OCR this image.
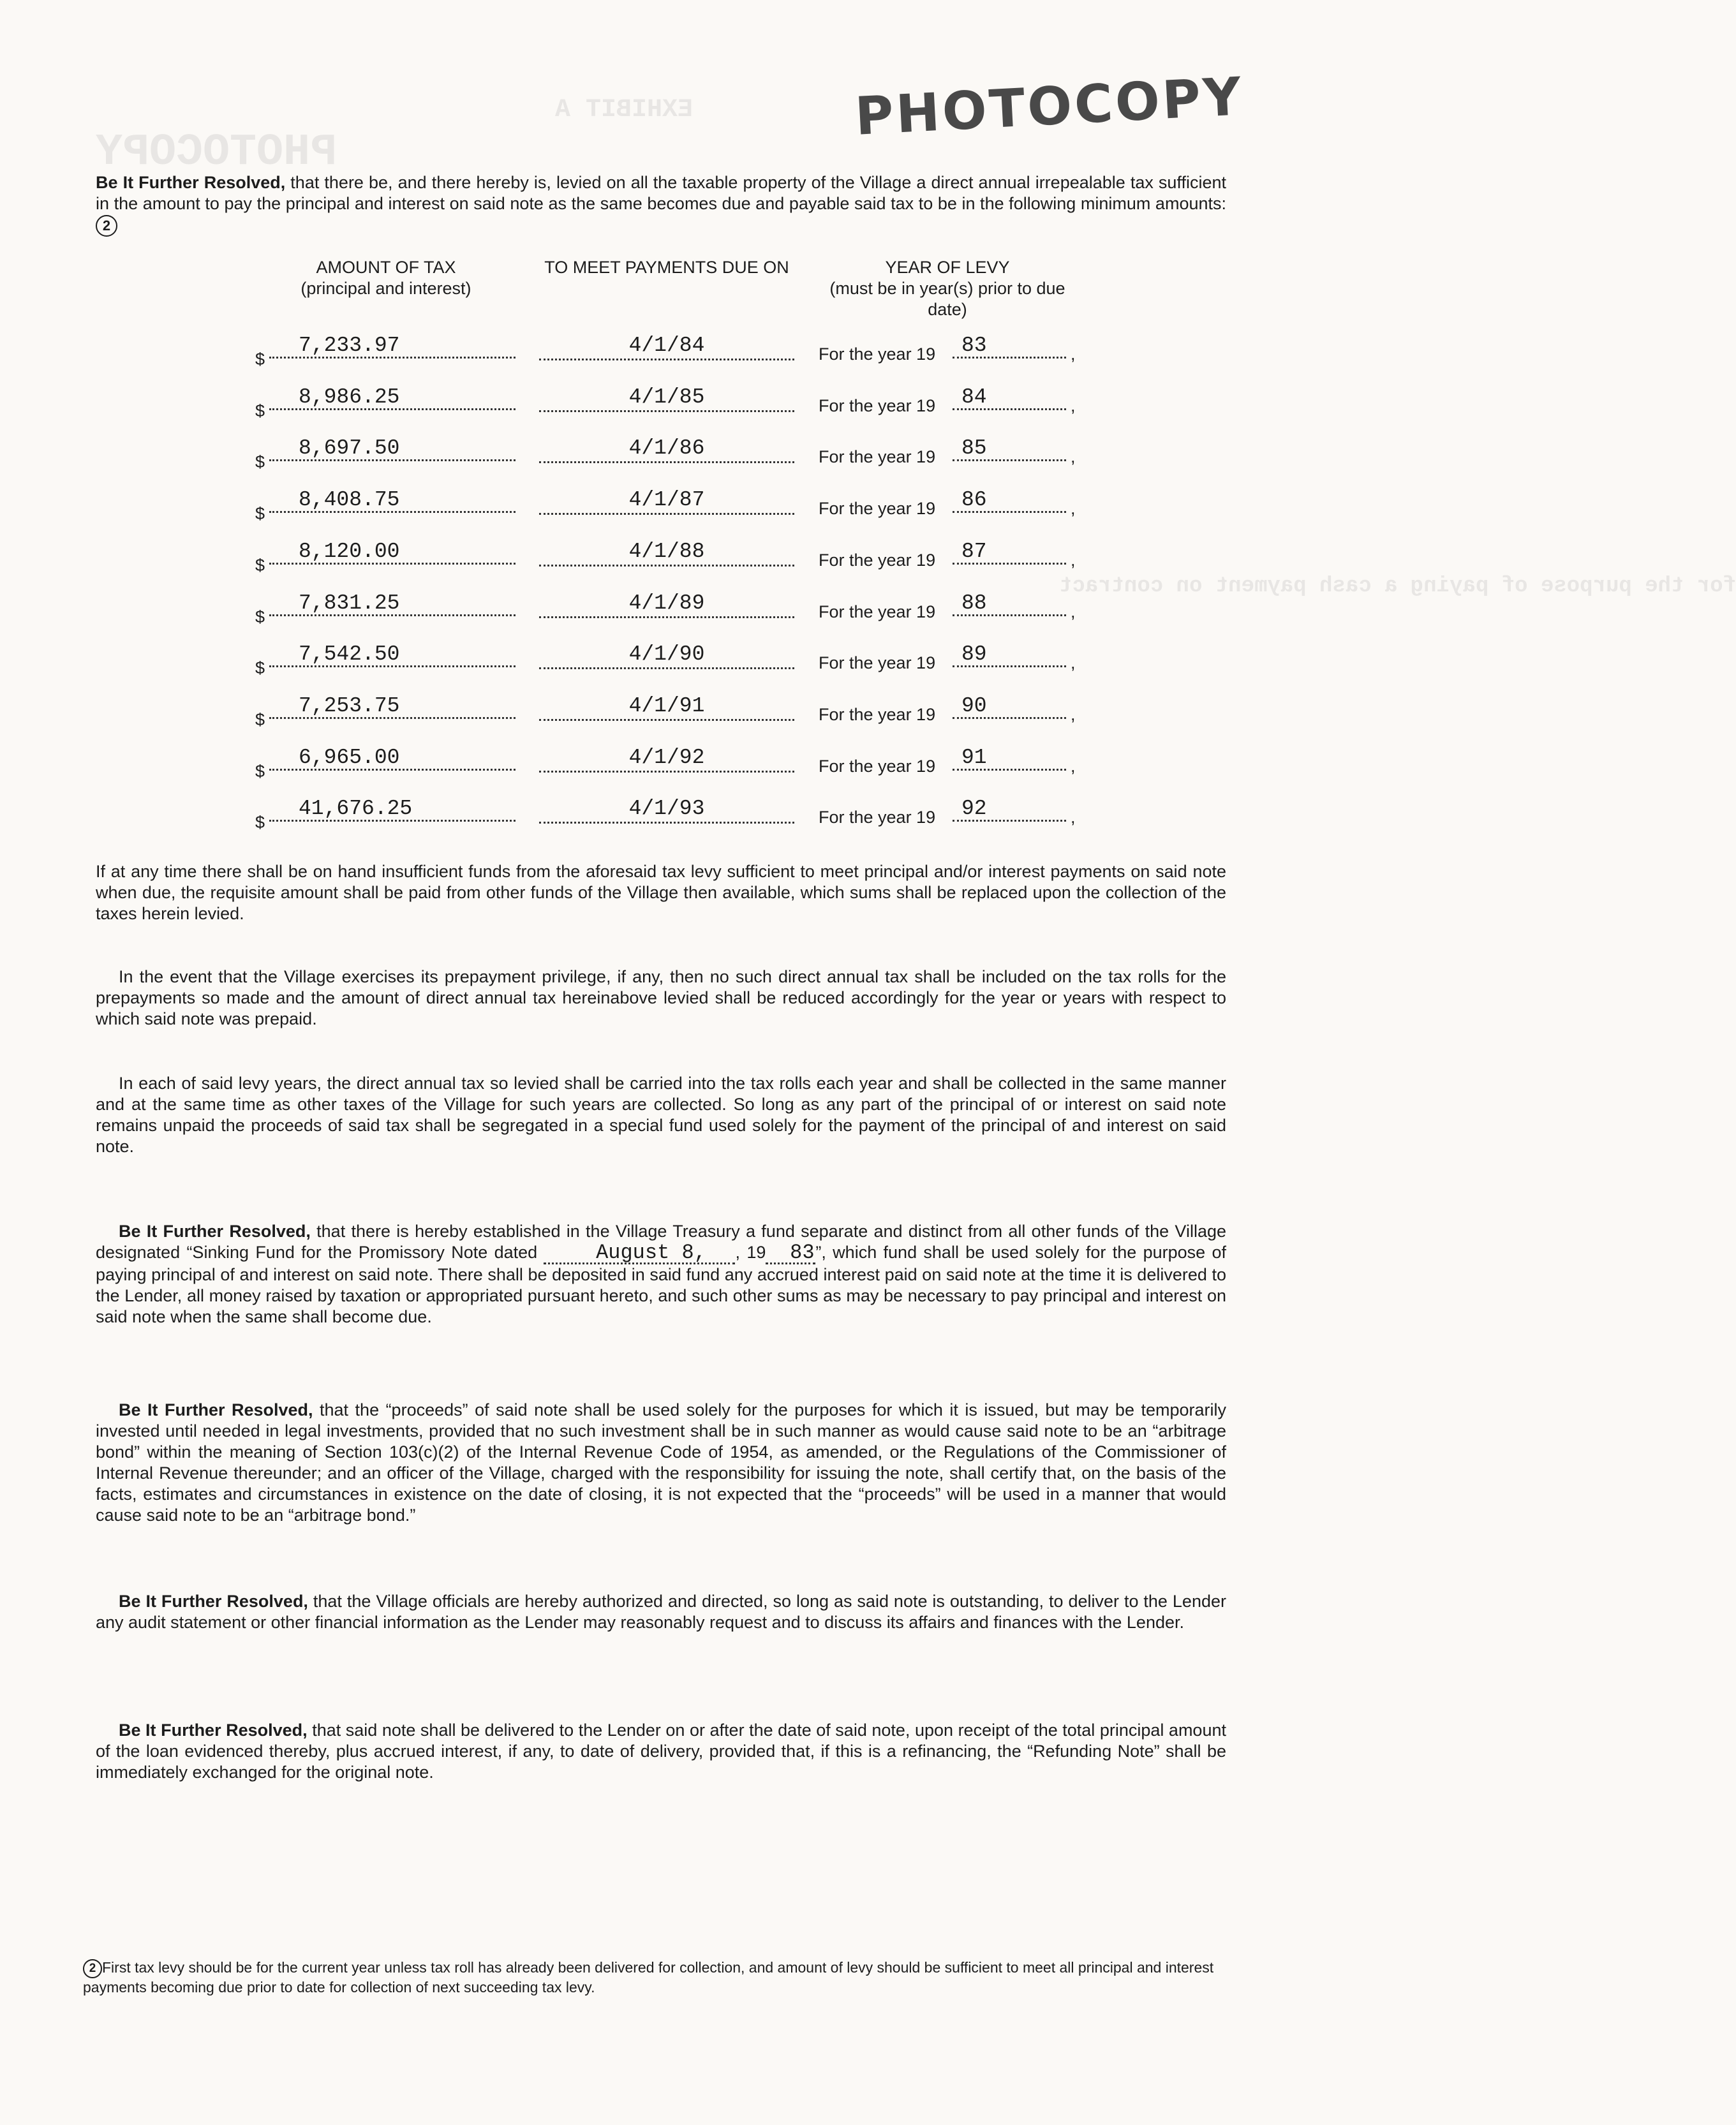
PHOTOCOPY
EXHIBIT A
for the purpose of paying a cash payment on contract
PHOTOCOPY

Be It Further Resolved, that there be, and there hereby is, levied on all the taxable property of the Village a direct annual irrepealable tax sufficient in the amount to pay the principal and interest on said note as the same becomes due and payable said tax to be in the following minimum amounts:2

AMOUNT OF TAX
(principal and interest)
TO MEET PAYMENTS DUE ON	YEAR OF LEVY
(must be in year(s) prior to due
date)
$
7,233.97	4/1/84	For the year 19	83	,
$
8,986.25	4/1/85	For the year 19	84	,
$
8,697.50	4/1/86	For the year 19	85	,
$
8,408.75	4/1/87	For the year 19	86	,
$
8,120.00	4/1/88	For the year 19	87	,
$
7,831.25	4/1/89	For the year 19	88	,
$
7,542.50	4/1/90	For the year 19	89	,
$
7,253.75	4/1/91	For the year 19	90	,
$
6,965.00	4/1/92	For the year 19	91	,
$
41,676.25	4/1/93	For the year 19	92	,

If at any time there shall be on hand insufficient funds from the aforesaid tax levy sufficient to meet principal and/or interest payments on said note when due, the requisite amount shall be paid from other funds of the Village then available, which sums shall be replaced upon the collection of the taxes herein levied.

In the event that the Village exercises its prepayment privilege, if any, then no such direct annual tax shall be included on the tax rolls for the prepayments so made and the amount of direct annual tax hereinabove levied shall be reduced accordingly for the year or years with respect to which said note was prepaid.

In each of said levy years, the direct annual tax so levied shall be carried into the tax rolls each year and shall be collected in the same manner and at the same time as other taxes of the Village for such years are collected. So long as any part of the principal of or interest on said note remains unpaid the proceeds of said tax shall be segregated in a special fund used solely for the payment of the principal of and interest on said note.

Be It Further Resolved, that there is hereby established in the Village Treasury a fund separate and distinct from all other funds of the Village designated “Sinking Fund for the Promissory Note dated	August 8, , 19 83”, which fund shall be used solely for the purpose of paying principal of and interest on said note. There shall be deposited in said fund any accrued interest paid on said note at the time it is delivered to the Lender, all money raised by taxation or appropriated pursuant hereto, and such other sums as may be necessary to pay principal and interest on said note when the same shall become due.

Be It Further Resolved, that the “proceeds” of said note shall be used solely for the purposes for which it is issued, but may be temporarily invested until needed in legal investments, provided that no such investment shall be in such manner as would cause said note to be an “arbitrage bond” within the meaning of Section 103(c)(2) of the Internal Revenue Code of 1954, as amended, or the Regulations of the Commissioner of Internal Revenue thereunder; and an officer of the Village, charged with the responsibility for issuing the note, shall certify that, on the basis of the facts, estimates and circumstances in existence on the date of closing, it is not expected that the “proceeds” will be used in a manner that would cause said note to be an “arbitrage bond.”

Be It Further Resolved, that the Village officials are hereby authorized and directed, so long as said note is outstanding, to deliver to the Lender any audit statement or other financial information as the Lender may reasonably request and to discuss its affairs and finances with the Lender.

Be It Further Resolved, that said note shall be delivered to the Lender on or after the date of said note, upon receipt of the total principal amount of the loan evidenced thereby, plus accrued interest, if any, to date of delivery, provided that, if this is a refinancing, the “Refunding Note” shall be immediately exchanged for the original note.

2 First tax levy should be for the current year unless tax roll has already been delivered for collection, and amount of levy should be sufficient to meet all principal and interest payments becoming due prior to date for collection of next succeeding tax levy.
